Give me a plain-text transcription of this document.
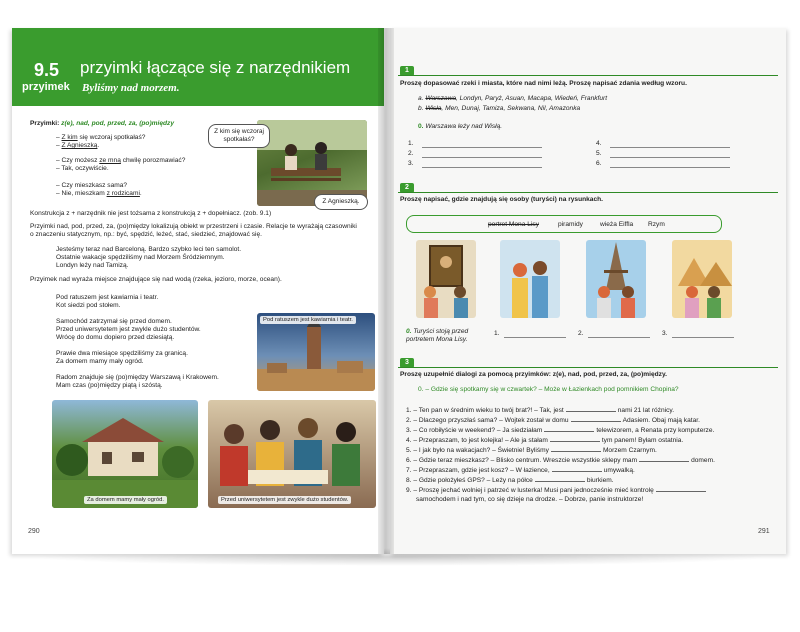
9.5
przyimek
przyimki łączące się z narzędnikiem
Byliśmy nad morzem.
Przyimki: z(e), nad, pod, przed, za, (po)między
– Z kim się wczoraj spotkałaś?
– Z Agnieszką.
– Czy możesz ze mną chwilę porozmawiać?
– Tak, oczywiście.
– Czy mieszkasz sama?
– Nie, mieszkam z rodzicami.
Z kim się wczoraj spotkałaś?
Z Agnieszką.
Konstrukcja z + narzędnik nie jest tożsama z konstrukcją z + dopełniacz. (zob. 9.1)
Przyimki nad, pod, przed, za, (po)między lokalizują obiekt w przestrzeni i czasie. Relacje te wyrażają czasowniki
o znaczeniu statycznym, np.: być, spędzić, leżeć, stać, siedzieć, znajdować się.
Jesteśmy teraz nad Barceloną. Bardzo szybko leci ten samolot.
Ostatnie wakacje spędziliśmy nad Morzem Śródziemnym.
Londyn leży nad Tamizą.
Przyimek nad wyraża miejsce znajdujące się nad wodą (rzeka, jezioro, morze, ocean).
Pod ratuszem jest kawiarnia i teatr.
Kot siedzi pod stołem.
Samochód zatrzymał się przed domem.
Przed uniwersytetem jest zwykle dużo studentów.
Wrócę do domu dopiero przed dziesiątą.
Prawie dwa miesiące spędziliśmy za granicą.
Za domem mamy mały ogród.
Radom znajduje się (po)między Warszawą i Krakowem.
Mam czas (po)między piątą i szóstą.
Pod ratuszem jest kawiarnia i teatr.
Za domem mamy mały ogród.	Przed uniwersytetem jest zwykle dużo studentów.
290
1
Proszę dopasować rzeki i miasta, które nad nimi leżą. Proszę napisać zdania według wzoru.
a. Warszawa, Londyn, Paryż, Asuan, Macapa, Wiedeń, Frankfurt
b. Wisła, Men, Dunaj, Tamiza, Sekwana, Nil, Amazonka
0. Warszawa leży nad Wisłą.
1.
2.
3.
4.
5.
6.
2
Proszę napisać, gdzie znajdują się osoby (turyści) na rysunkach.
portret Mona Lisy	piramidy	wieża Eiffla Rzym
0. Turyści stoją przed portretem Mona Lisy.
1.	2.	3.
3
Proszę uzupełnić dialogi za pomocą przyimków: z(e), nad, pod, przed, za, (po)między.
0. – Gdzie się spotkamy się w czwartek? – Może w Łazienkach pod pomnikiem Chopina?
1. – Ten pan w średnim wieku to twój brat?! – Tak, jest	nami 21 lat różnicy.
2. – Dlaczego przyszłaś sama? – Wojtek został w domu	Adasiem. Obaj mają katar.
3. – Co robiłyście w weekend? – Ja siedziałam	telewizorem, a Renata przy komputerze.
4. – Przepraszam, to jest kolejka! – Ale ja stałam	tym panem! Byłam ostatnia.
5. – I jak było na wakacjach? – Świetnie! Byliśmy	Morzem Czarnym.
6. – Gdzie teraz mieszkasz? – Blisko centrum. Wreszcie wszystkie sklepy mam	domem.
7. – Przepraszam, gdzie jest kosz? – W łazience,	umywalką.
8. – Gdzie położyłeś GPS? – Leży na półce	biurkiem.
9. – Proszę jechać wolniej i patrzeć w lusterka! Musi pani jednocześnie mieć kontrolę
samochodem i nad tym, co się dzieje na drodze. – Dobrze, panie instruktorze!
291
